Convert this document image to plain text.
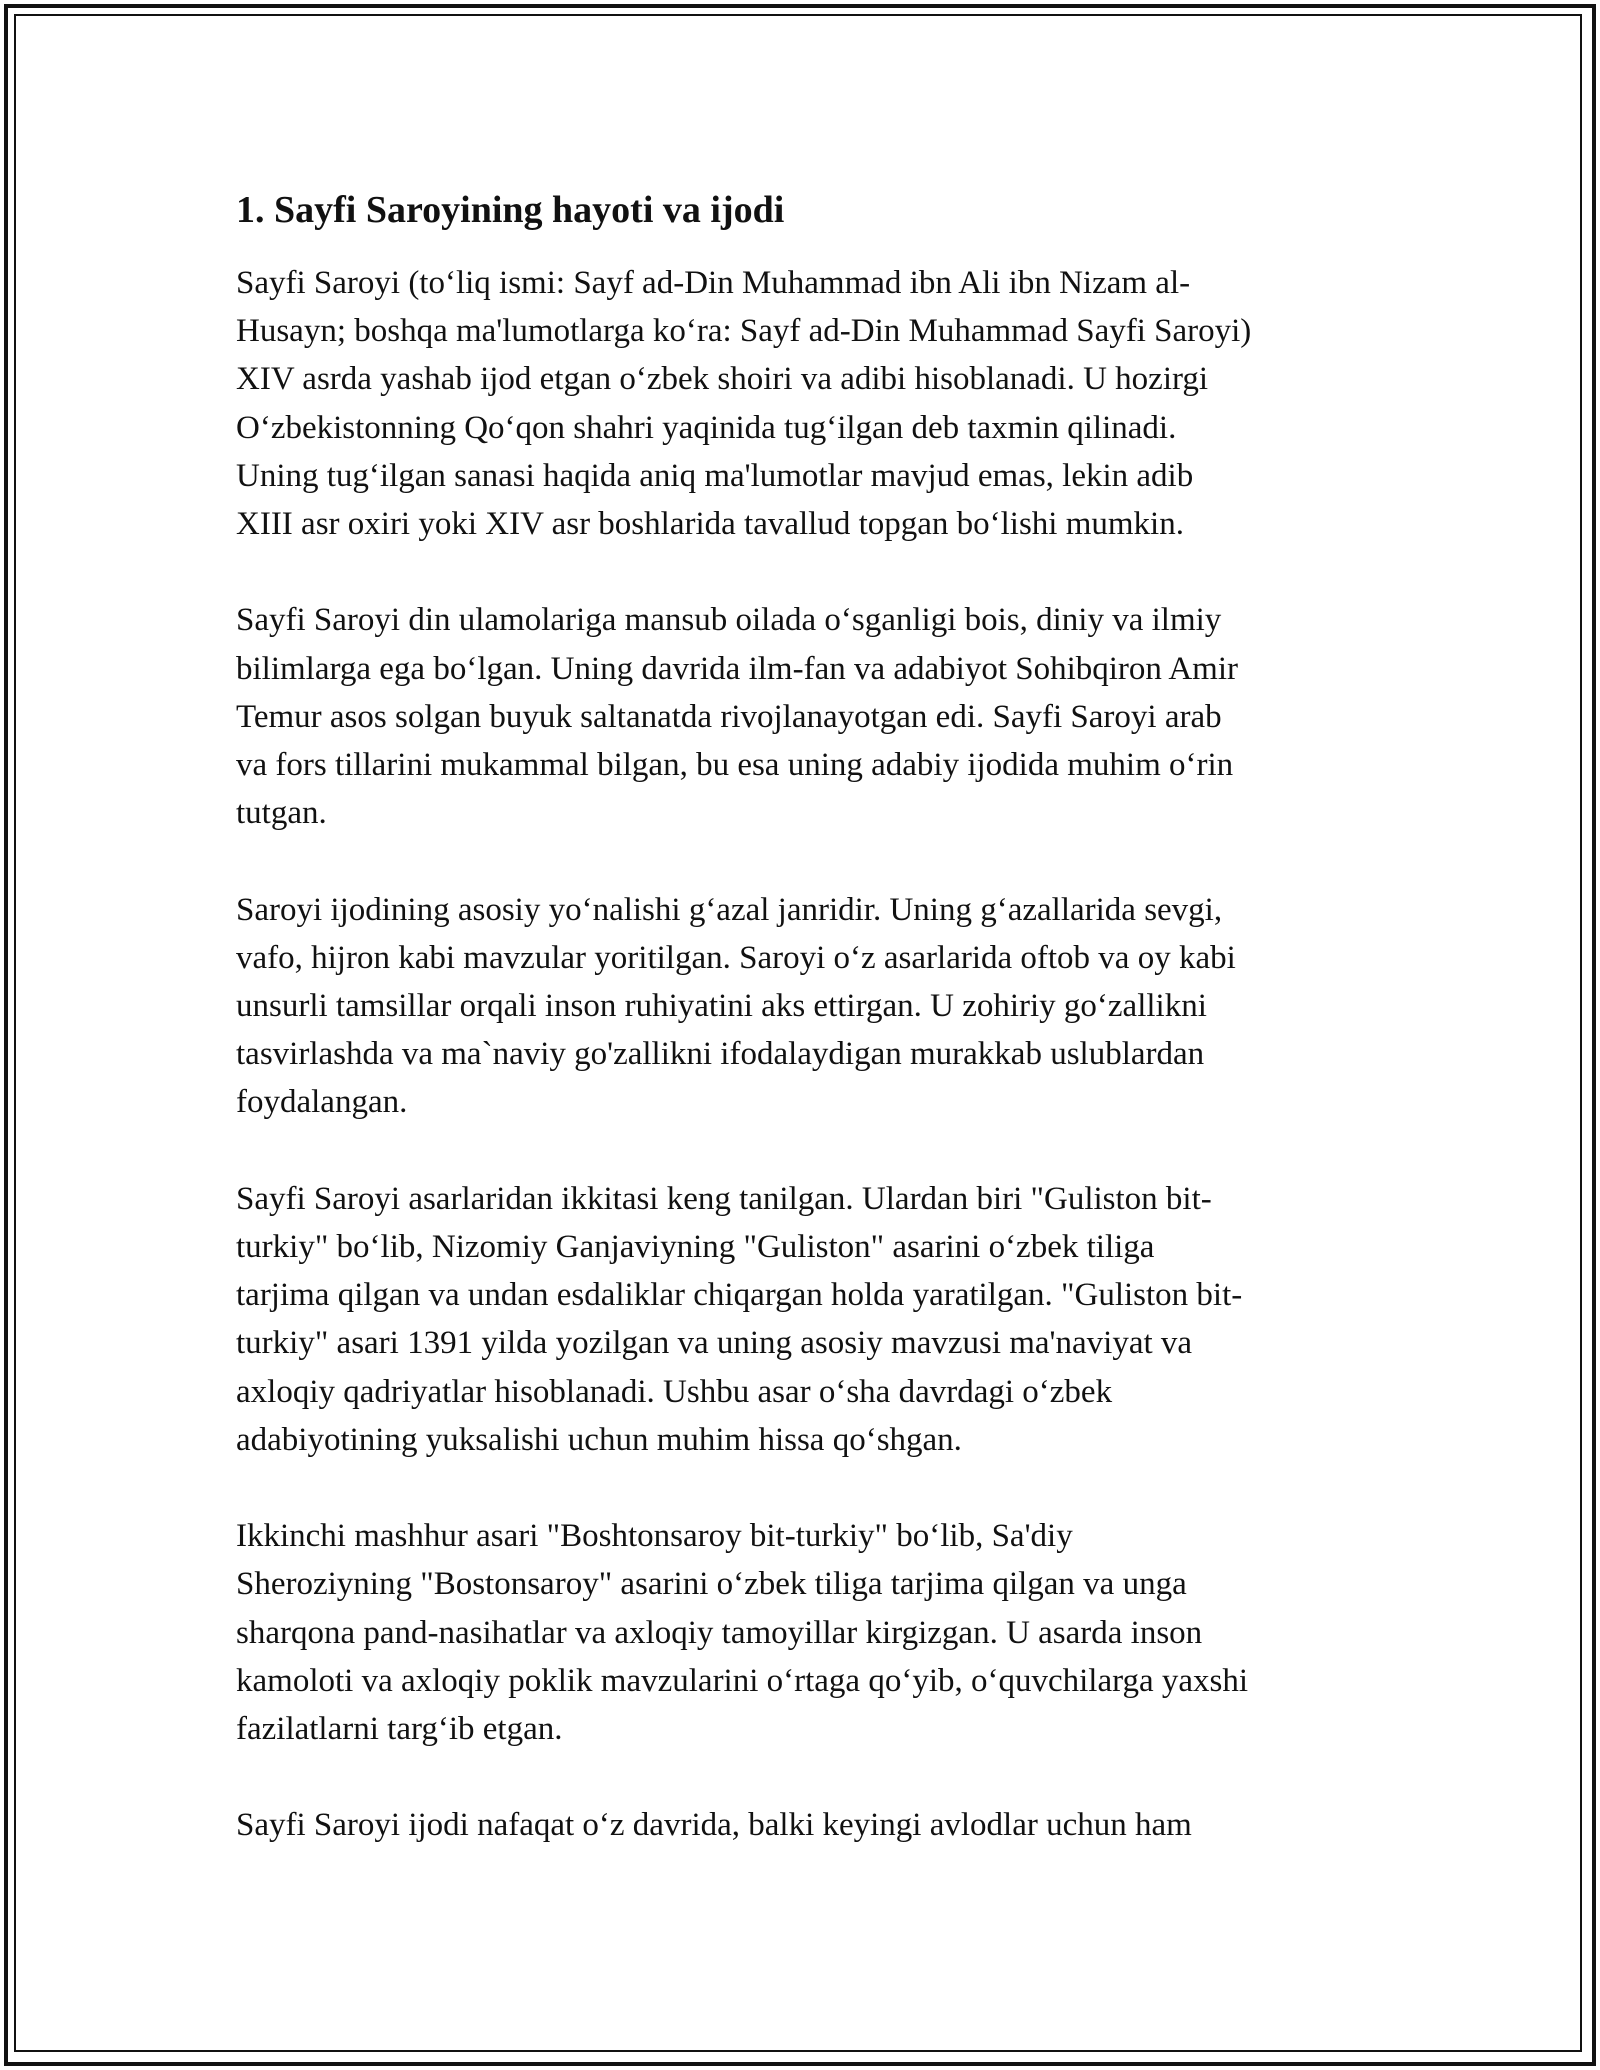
1. Sayfi Saroyining hayoti va ijodi

Sayfi Saroyi (to‘liq ismi: Sayf ad-Din Muhammad ibn Ali ibn Nizam al-
Husayn; boshqa ma'lumotlarga ko‘ra: Sayf ad-Din Muhammad Sayfi Saroyi)
XIV asrda yashab ijod etgan o‘zbek shoiri va adibi hisoblanadi. U hozirgi
O‘zbekistonning Qo‘qon shahri yaqinida tug‘ilgan deb taxmin qilinadi.
Uning tug‘ilgan sanasi haqida aniq ma'lumotlar mavjud emas, lekin adib
XIII asr oxiri yoki XIV asr boshlarida tavallud topgan bo‘lishi mumkin.

Sayfi Saroyi din ulamolariga mansub oilada o‘sganligi bois, diniy va ilmiy
bilimlarga ega bo‘lgan. Uning davrida ilm-fan va adabiyot Sohibqiron Amir
Temur asos solgan buyuk saltanatda rivojlanayotgan edi. Sayfi Saroyi arab
va fors tillarini mukammal bilgan, bu esa uning adabiy ijodida muhim o‘rin
tutgan.

Saroyi ijodining asosiy yo‘nalishi g‘azal janridir. Uning g‘azallarida sevgi,
vafo, hijron kabi mavzular yoritilgan. Saroyi o‘z asarlarida oftob va oy kabi
unsurli tamsillar orqali inson ruhiyatini aks ettirgan. U zohiriy go‘zallikni
tasvirlashda va ma`naviy go'zallikni ifodalaydigan murakkab uslublardan
foydalangan.

Sayfi Saroyi asarlaridan ikkitasi keng tanilgan. Ulardan biri "Guliston bit-
turkiy" bo‘lib, Nizomiy Ganjaviyning "Guliston" asarini o‘zbek tiliga
tarjima qilgan va undan esdaliklar chiqargan holda yaratilgan. "Guliston bit-
turkiy" asari 1391 yilda yozilgan va uning asosiy mavzusi ma'naviyat va
axloqiy qadriyatlar hisoblanadi. Ushbu asar o‘sha davrdagi o‘zbek
adabiyotining yuksalishi uchun muhim hissa qo‘shgan.

Ikkinchi mashhur asari "Boshtonsaroy bit-turkiy" bo‘lib, Sa'diy
Sheroziyning "Bostonsaroy" asarini o‘zbek tiliga tarjima qilgan va unga
sharqona pand-nasihatlar va axloqiy tamoyillar kirgizgan. U asarda inson
kamoloti va axloqiy poklik mavzularini o‘rtaga qo‘yib, o‘quvchilarga yaxshi
fazilatlarni targ‘ib etgan.

Sayfi Saroyi ijodi nafaqat o‘z davrida, balki keyingi avlodlar uchun ham
